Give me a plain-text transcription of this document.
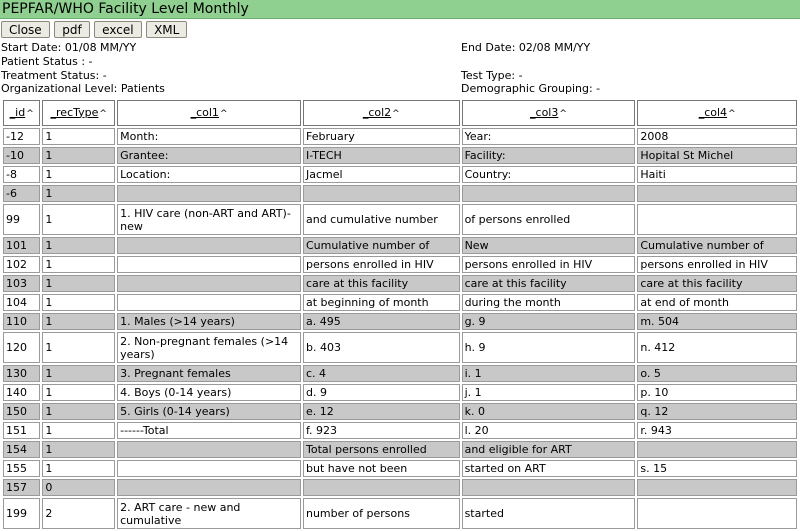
PEPFAR/WHO Facility Level Monthly
Close pdf excel XML
Start Date: 01/08 MM/YY	End Date: 02/08 MM/YY
Patient Status : -
Treatment Status: -	Test Type: -
Organizational Level: Patients	Demographic Grouping: -
_id^	_recType^	_col1^	_col2^	_col3^	_col4^
-12	1	Month:	February	Year:	2008
-10	1	Grantee:	I-TECH	Facility:	Hopital St Michel
-8	1	Location:	Jacmel	Country:	Haiti
-6	1				
99	1	1. HIV care (non-ART and ART)-new	and cumulative number	of persons enrolled	
101	1		Cumulative number of	New	Cumulative number of
102	1		persons enrolled in HIV	persons enrolled in HIV	persons enrolled in HIV
103	1		care at this facility	care at this facility	care at this facility
104	1		at beginning of month	during the month	at end of month
110	1	1. Males (>14 years)	a. 495	g. 9	m. 504
120	1	2. Non-pregnant females (>14 years)	b. 403	h. 9	n. 412
130	1	3. Pregnant females	c. 4	i. 1	o. 5
140	1	4. Boys (0-14 years)	d. 9	j. 1	p. 10
150	1	5. Girls (0-14 years)	e. 12	k. 0	q. 12
151	1	------Total	f. 923	l. 20	r. 943
154	1		Total persons enrolled	and eligible for ART	
155	1		but have not been	started on ART	s. 15
157	0				
199	2	2. ART care - new and cumulative	number of persons	started	
